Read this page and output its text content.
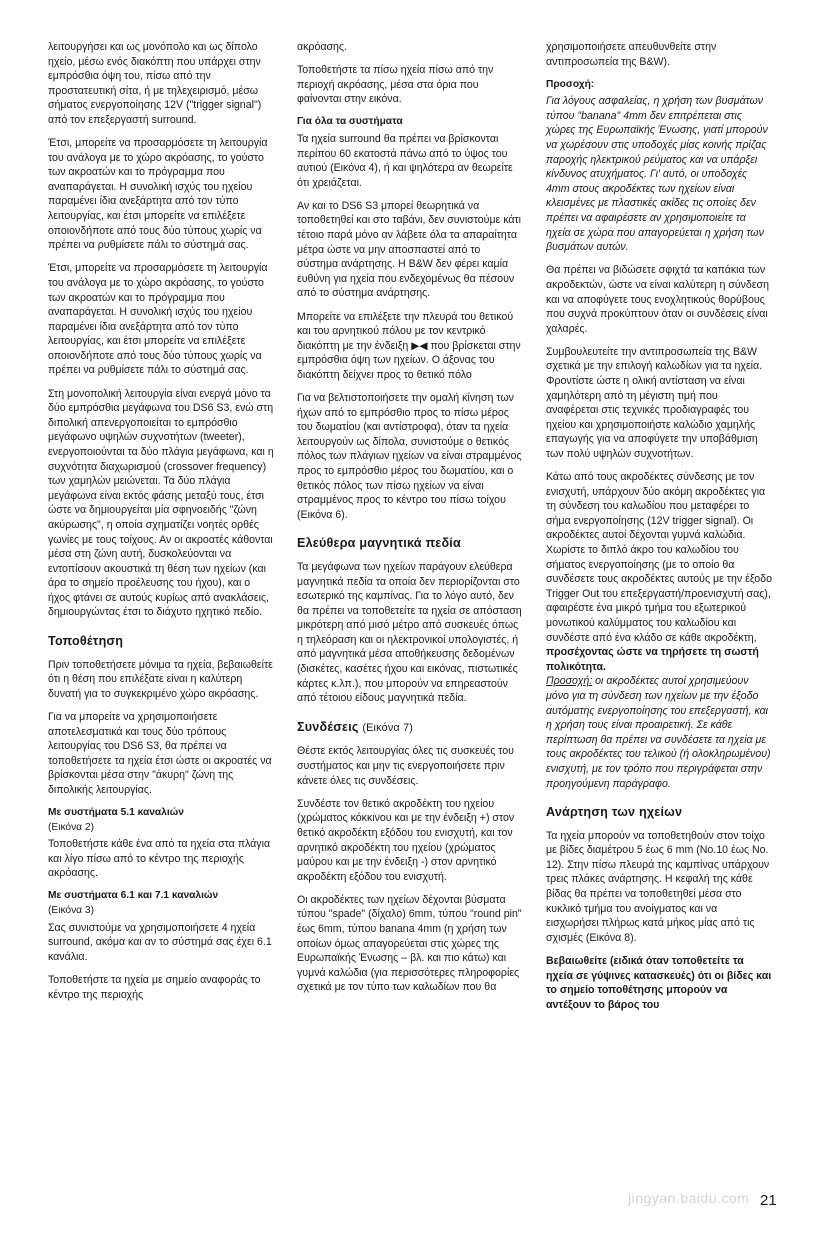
λειτουργήσει και ως μονόπολο και ως δίπολο ηχείο, μέσω ενός διακόπτη που υπάρχει στην εμπρόσθια όψη του, πίσω από την προστατευτική σίτα, ή με τηλεχειρισμό, μέσω σήματος ενεργοποίησης 12V ("trigger signal") από τον επεξεργαστή surround.

Έτσι, μπορείτε να προσαρμόσετε τη λειτουργία του ανάλογα με το χώρο ακρόασης, το γούστο των ακροατών και το πρόγραμμα που αναπαράγεται. Η συνολική ισχύς του ηχείου παραμένει ίδια ανεξάρτητα από τον τύπο λειτουργίας, και έτσι μπορείτε να επιλέξετε οποιονδήποτε από τους δύο τύπους χωρίς να πρέπει να ρυθμίσετε πάλι το σύστημά σας.

Έτσι, μπορείτε να προσαρμόσετε τη λειτουργία του ανάλογα με το χώρο ακρόασης, το γούστο των ακροατών και το πρόγραμμα που αναπαράγεται. Η συνολική ισχύς του ηχείου παραμένει ίδια ανεξάρτητα από τον τύπο λειτουργίας, και έτσι μπορείτε να επιλέξετε οποιονδήποτε από τους δύο τύπους χωρίς να πρέπει να ρυθμίσετε πάλι το σύστημά σας.

Στη μονοπολική λειτουργία είναι ενεργά μόνο τα δύο εμπρόσθια μεγάφωνα του DS6 S3, ενώ στη διπολική απενεργοποιείται το εμπρόσθιο μεγάφωνο υψηλών συχνοτήτων (tweeter), ενεργοποιούνται τα δύο πλάγια μεγάφωνα, και η συχνότητα διαχωρισμού (crossover frequency) των χαμηλών μειώνεται. Τα δύο πλάγια μεγάφωνα είναι εκτός φάσης μεταξύ τους, έτσι ώστε να δημιουργείται μία σφηνοειδής "ζώνη ακύρωσης", η οποία σχηματίζει νοητές ορθές γωνίες με τους τοίχους. Αν οι ακροατές κάθονται μέσα στη ζώνη αυτή, δυσκολεύονται να εντοπίσουν ακουστικά τη θέση των ηχείων (και άρα το σημείο προέλευσης του ήχου), και ο ήχος φτάνει σε αυτούς κυρίως από ανακλάσεις, δημιουργώντας έτσι το διάχυτο ηχητικό πεδίο.

Τοποθέτηση

Πριν τοποθετήσετε μόνιμα τα ηχεία, βεβαιωθείτε ότι η θέση που επιλέξατε είναι η καλύτερη δυνατή για το συγκεκριμένο χώρο ακρόασης.

Για να μπορείτε να χρησιμοποιήσετε αποτελεσματικά και τους δύο τρόπους λειτουργίας του DS6 S3, θα πρέπει να τοποθετήσετε τα ηχεία έτσι ώστε οι ακροατές να βρίσκονται μέσα στην "άκυρη" ζώνη της διπολικής λειτουργίας.

Με συστήματα 5.1 καναλιών
(Εικόνα 2)

Τοποθετήστε κάθε ένα από τα ηχεία στα πλάγια και λίγο πίσω από το κέντρο της περιοχής ακρόασης.

Με συστήματα 6.1 και 7.1 καναλιών
(Εικόνα 3)

Σας συνιστούμε να χρησιμοποιήσετε 4 ηχεία surround, ακόμα και αν το σύστημά σας έχει 6.1 κανάλια.

Τοποθετήστε τα ηχεία με σημείο αναφοράς το κέντρο της περιοχής

ακρόασης.

Τοποθετήστε τα πίσω ηχεία πίσω από την περιοχή ακρόασης, μέσα στα όρια που φαίνονται στην εικόνα.

Για όλα τα συστήματα

Τα ηχεία surround θα πρέπει να βρίσκονται περίπου 60 εκατοστά πάνω από το ύψος του αυτιού (Εικόνα 4), ή και ψηλότερα αν θεωρείτε ότι χρειάζεται.

Αν και το DS6 S3 μπορεί θεωρητικά να τοποθετηθεί και στο ταβάνι, δεν συνιστούμε κάτι τέτοιο παρά μόνο αν λάβετε όλα τα απαραίτητα μέτρα ώστε να μην αποσπαστεί από το σύστημα ανάρτησης. Η B&W δεν φέρει καμία ευθύνη για ηχεία που ενδεχομένως θα πέσουν από το σύστημα ανάρτησης.

Μπορείτε να επιλέξετε την πλευρά του θετικού και του αρνητικού πόλου με τον κεντρικό διακόπτη με την ένδειξη ▶◀ που βρίσκεται στην εμπρόσθια όψη των ηχείων. Ο άξονας του διακόπτη δείχνει προς το θετικό πόλο

Για να βελτιστοποιήσετε την ομαλή κίνηση των ήχων από το εμπρόσθιο προς το πίσω μέρος του δωματίου (και αντίστροφα), όταν τα ηχεία λειτουργούν ως δίπολα, συνιστούμε ο θετικός πόλος των πλάγιων ηχείων να είναι στραμμένος προς το εμπρόσθιο μέρος του δωματίου, και ο θετικός πόλος των πίσω ηχείων να είναι στραμμένος προς το κέντρο του πίσω τοίχου (Εικόνα 6).

Ελεύθερα μαγνητικά πεδία

Τα μεγάφωνα των ηχείων παράγουν ελεύθερα μαγνητικά πεδία τα οποία δεν περιορίζονται στο εσωτερικό της καμπίνας. Για το λόγο αυτό, δεν θα πρέπει να τοποθετείτε τα ηχεία σε απόσταση μικρότερη από μισό μέτρο από συσκευές όπως η τηλεόραση και οι ηλεκτρονικοί υπολογιστές, ή από μαγνητικά μέσα αποθήκευσης δεδομένων (δισκέτες, κασέτες ήχου και εικόνας, πιστωτικές κάρτες κ.λπ.), που μπορούν να επηρεαστούν από τέτοιου είδους μαγνητικά πεδία.

Συνδέσεις (Εικόνα 7)

Θέστε εκτός λειτουργίας όλες τις συσκευές του συστήματος και μην τις ενεργοποιήσετε πριν κάνετε όλες τις συνδέσεις.

Συνδέστε τον θετικό ακροδέκτη του ηχείου (χρώματος κόκκινου και με την ένδειξη +) στον θετικό ακροδέκτη εξόδου του ενισχυτή, και τον αρνητικό ακροδέκτη του ηχείου (χρώματος μαύρου και με την ένδειξη -) στον αρνητικό ακροδέκτη εξόδου του ενισχυτή.

Οι ακροδέκτες των ηχείων δέχονται βύσματα τύπου "spade" (δίχαλο) 6mm, τύπου "round pin" έως 6mm, τύπου banana 4mm (η χρήση των οποίων όμως απαγορεύεται στις χώρες της Ευρωπαϊκής Ένωσης – βλ. και πιο κάτω) και γυμνά καλώδια (για περισσότερες πληροφορίες σχετικά με τον τύπο των καλωδίων που θα

χρησιμοποιήσετε απευθυνθείτε στην αντιπροσωπεία της B&W).

Προσοχή:

Για λόγους ασφαλείας, η χρήση των βυσμάτων τύπου "banana" 4mm δεν επιτρέπεται στις χώρες της Ευρωπαϊκής Ένωσης, γιατί μπορούν να χωρέσουν στις υποδοχές μίας κοινής πρίζας παροχής ηλεκτρικού ρεύματος και να υπάρξει κίνδυνος ατυχήματος. Γι' αυτό, οι υποδοχές 4mm στους ακροδέκτες των ηχείων είναι κλεισμένες με πλαστικές ακίδες τις οποίες δεν πρέπει να αφαιρέσετε αν χρησιμοποιείτε τα ηχεία σε χώρα που απαγορεύεται η χρήση των βυσμάτων αυτών.

Θα πρέπει να βιδώσετε σφιχτά τα καπάκια των ακροδεκτών, ώστε να είναι καλύτερη η σύνδεση και να αποφύγετε τους ενοχλητικούς θορύβους που συχνά προκύπτουν όταν οι συνδέσεις είναι χαλαρές.

Συμβουλευτείτε την αντιπροσωπεία της B&W σχετικά με την επιλογή καλωδίων για τα ηχεία. Φροντίστε ώστε η ολική αντίσταση να είναι χαμηλότερη από τη μέγιστη τιμή που αναφέρεται στις τεχνικές προδιαγραφές του ηχείου και χρησιμοποιήστε καλώδιο χαμηλής επαγωγής για να αποφύγετε την υποβάθμιση των πολύ υψηλών συχνοτήτων.

Κάτω από τους ακροδέκτες σύνδεσης με τον ενισχυτή, υπάρχουν δύο ακόμη ακροδέκτες για τη σύνδεση του καλωδίου που μεταφέρει το σήμα ενεργοποίησης (12V trigger signal). Οι ακροδέκτες αυτοί δέχονται γυμνά καλώδια. Χωρίστε το διπλό άκρο του καλωδίου του σήματος ενεργοποίησης (με το οποίο θα συνδέσετε τους ακροδέκτες αυτούς με την έξοδο Trigger Out του επεξεργαστή/προενισχυτή σας), αφαιρέστε ένα μικρό τμήμα του εξωτερικού μονωτικού καλύμματος του καλωδίου και συνδέστε από ένα κλάδο σε κάθε ακροδέκτη, προσέχοντας ώστε να τηρήσετε τη σωστή πολικότητα.

Προσοχή: οι ακροδέκτες αυτοί χρησιμεύουν μόνο για τη σύνδεση των ηχείων με την έξοδο αυτόματης ενεργοποίησης του επεξεργαστή, και η χρήση τους είναι προαιρετική. Σε κάθε περίπτωση θα πρέπει να συνδέσετε τα ηχεία με τους ακροδέκτες του τελικού (ή ολοκληρωμένου) ενισχυτή, με τον τρόπο που περιγράφεται στην προηγούμενη παράγραφο.

Ανάρτηση των ηχείων

Τα ηχεία μπορούν να τοποθετηθούν στον τοίχο με βίδες διαμέτρου 5 έως 6 mm (No.10 έως No. 12). Στην πίσω πλευρά της καμπίνας υπάρχουν τρεις πλάκες ανάρτησης. Η κεφαλή της κάθε βίδας θα πρέπει να τοποθετηθεί μέσα στο κυκλικό τμήμα του ανοίγματος και να εισχωρήσει πλήρως κατά μήκος μίας από τις σχισμές (Εικόνα 8).

Βεβαιωθείτε (ειδικά όταν τοποθετείτε τα ηχεία σε γύψινες κατασκευές) ότι οι βίδες και το σημείο τοποθέτησης μπορούν να αντέξουν το βάρος του

jingyan.baidu.com 21
